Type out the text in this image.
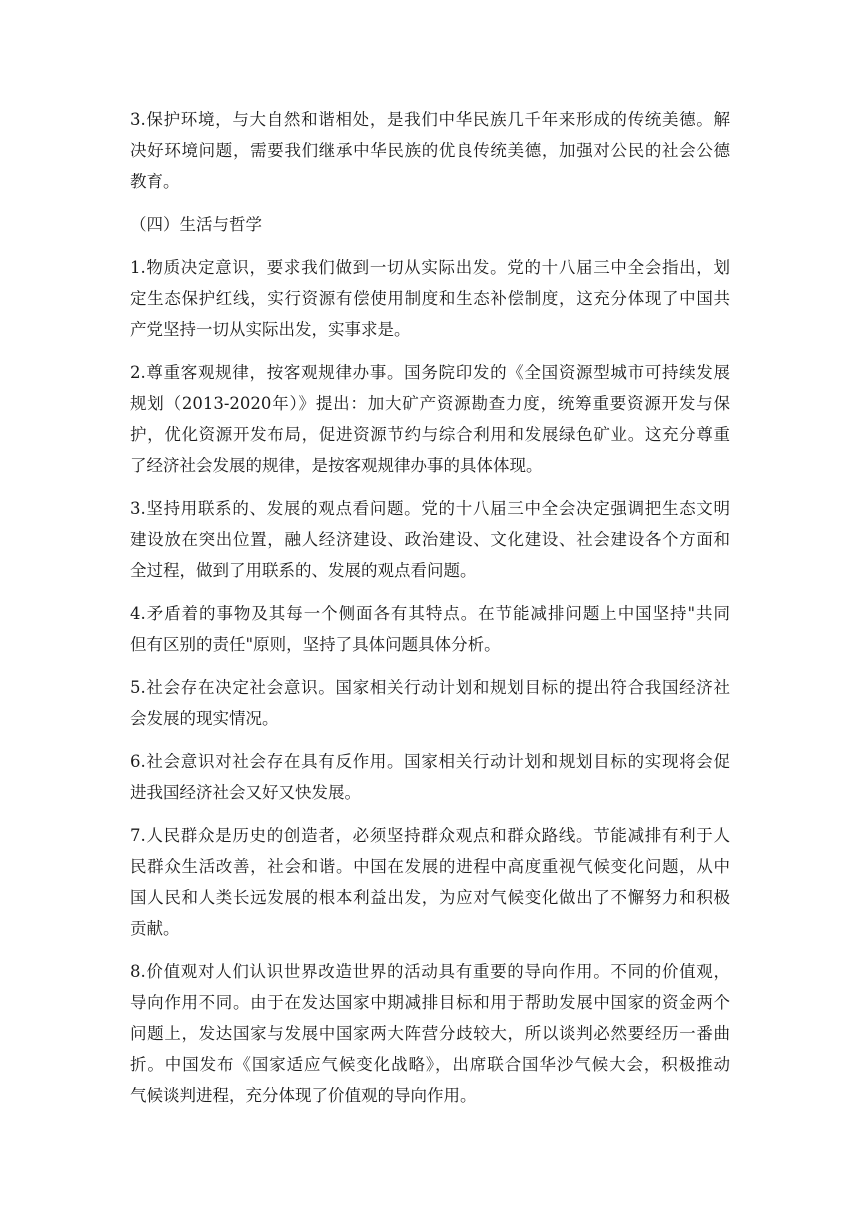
3.保护环境，与大自然和谐相处，是我们中华民族几千年来形成的传统美德。解
决好环境问题，需要我们继承中华民族的优良传统美德，加强对公民的社会公德
教育。
（四）生活与哲学
1.物质决定意识，要求我们做到一切从实际出发。党的十八届三中全会指出，划
定生态保护红线，实行资源有偿使用制度和生态补偿制度，这充分体现了中国共
产党坚持一切从实际出发，实事求是。
2.尊重客观规律，按客观规律办事。国务院印发的《全国资源型城市可持续发展
规划（2013-2020年）》提出：加大矿产资源勘查力度，统筹重要资源开发与保
护，优化资源开发布局，促进资源节约与综合利用和发展绿色矿业。这充分尊重
了经济社会发展的规律，是按客观规律办事的具体体现。
3.坚持用联系的、发展的观点看问题。党的十八届三中全会决定强调把生态文明
建设放在突出位置，融人经济建设、政治建设、文化建设、社会建设各个方面和
全过程，做到了用联系的、发展的观点看问题。
4.矛盾着的事物及其每一个侧面各有其特点。在节能减排问题上中国坚持"共同
但有区别的责任"原则，坚持了具体问题具体分析。
5.社会存在决定社会意识。国家相关行动计划和规划目标的提出符合我国经济社
会发展的现实情况。
6.社会意识对社会存在具有反作用。国家相关行动计划和规划目标的实现将会促
进我国经济社会又好又快发展。
7.人民群众是历史的创造者，必须坚持群众观点和群众路线。节能减排有利于人
民群众生活改善，社会和谐。中国在发展的进程中高度重视气候变化问题，从中
国人民和人类长远发展的根本利益出发，为应对气候变化做出了不懈努力和积极
贡献。
8.价值观对人们认识世界改造世界的活动具有重要的导向作用。不同的价值观，
导向作用不同。由于在发达国家中期减排目标和用于帮助发展中国家的资金两个
问题上，发达国家与发展中国家两大阵营分歧较大，所以谈判必然要经历一番曲
折。中国发布《国家适应气候变化战略》，出席联合国华沙气候大会，积极推动
气候谈判进程，充分体现了价值观的导向作用。
